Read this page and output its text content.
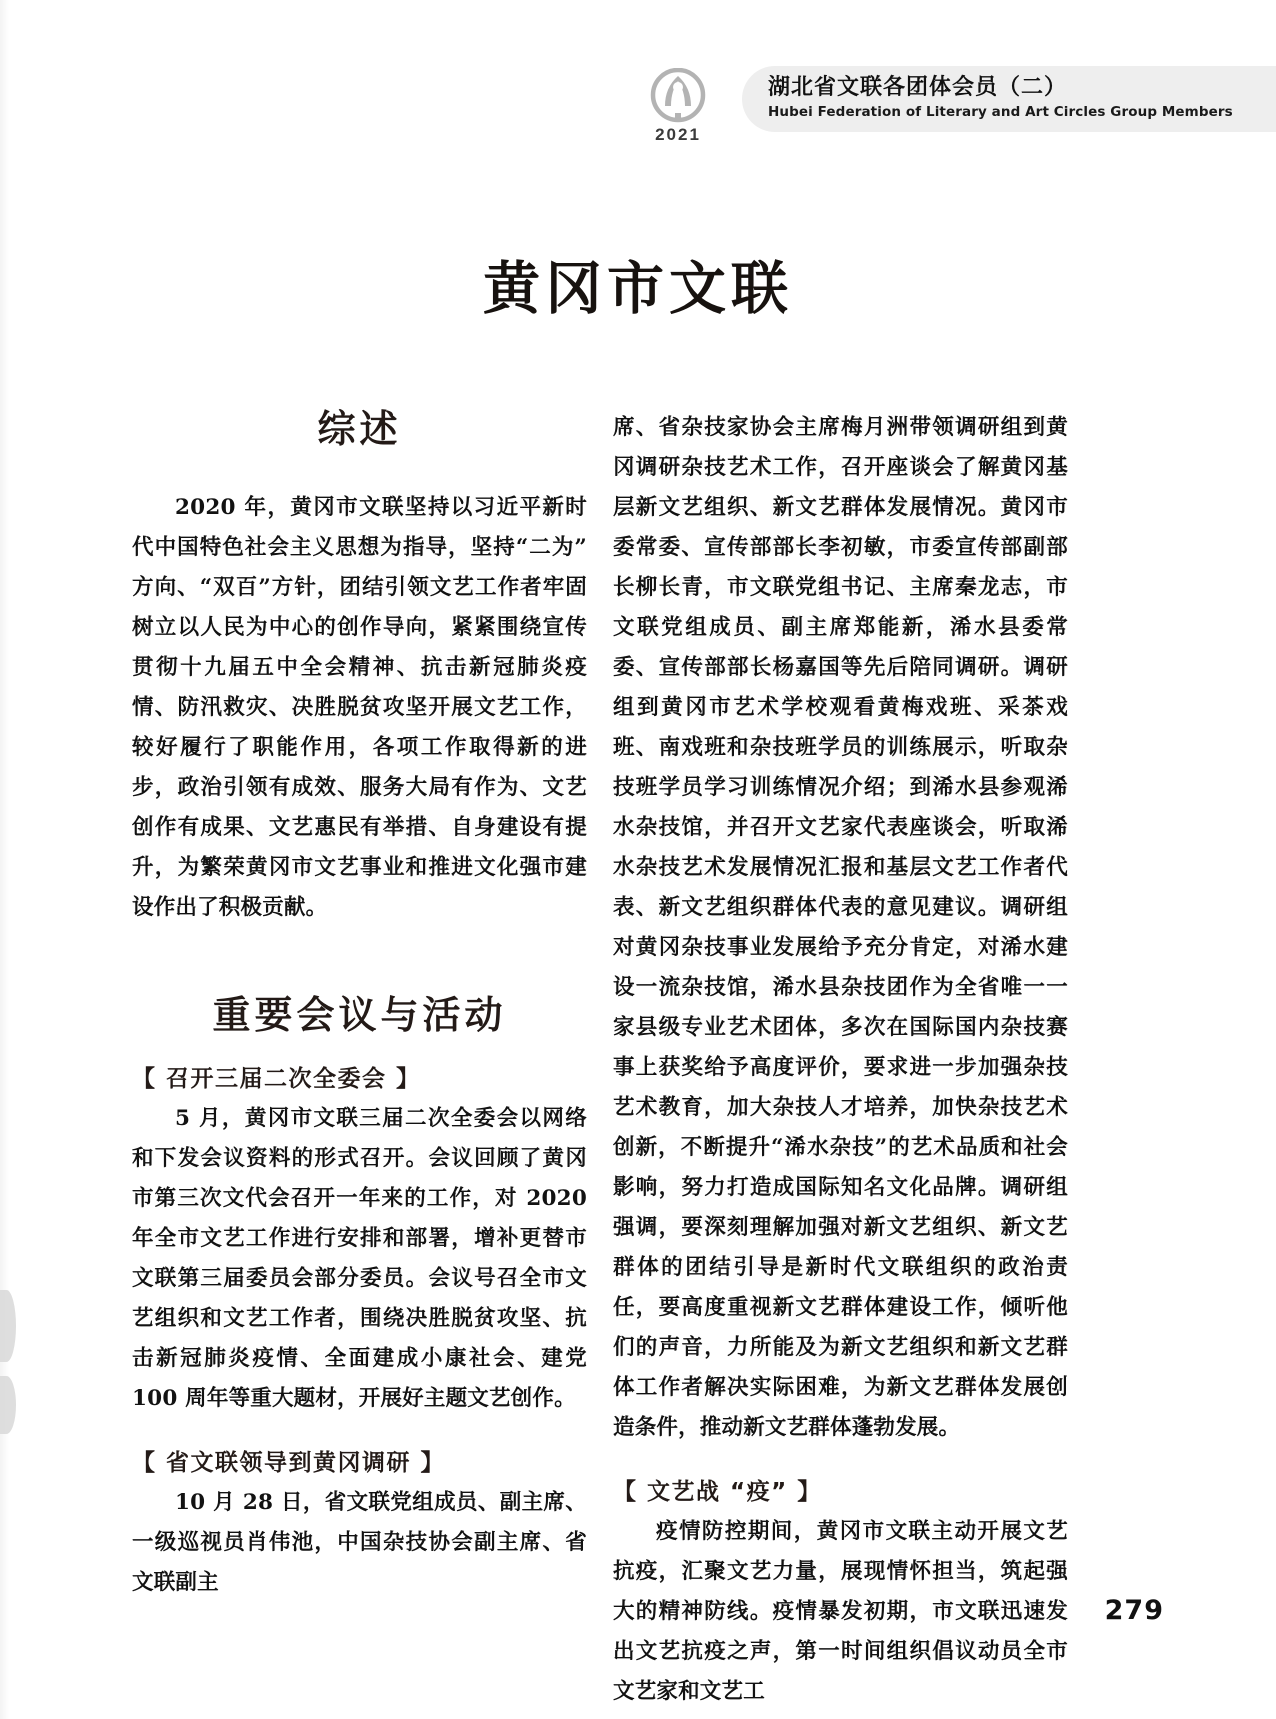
2021
湖北省文联各团体会员（二）
Hubei Federation of Literary and Art Circles Group Members
黄冈市文联
综述

2020 年，黄冈市文联坚持以习近平新时代中国特色社会主义思想为指导，坚持“二为”方向、“双百”方针，团结引领文艺工作者牢固树立以人民为中心的创作导向，紧紧围绕宣传贯彻十九届五中全会精神、抗击新冠肺炎疫情、防汛救灾、决胜脱贫攻坚开展文艺工作，较好履行了职能作用，各项工作取得新的进步，政治引领有成效、服务大局有作为、文艺创作有成果、文艺惠民有举措、自身建设有提升，为繁荣黄冈市文艺事业和推进文化强市建设作出了积极贡献。

重要会议与活动
【 召开三届二次全委会 】

5 月，黄冈市文联三届二次全委会以网络和下发会议资料的形式召开。会议回顾了黄冈市第三次文代会召开一年来的工作，对 2020 年全市文艺工作进行安排和部署，增补更替市文联第三届委员会部分委员。会议号召全市文艺组织和文艺工作者，围绕决胜脱贫攻坚、抗击新冠肺炎疫情、全面建成小康社会、建党 100 周年等重大题材，开展好主题文艺创作。

【 省文联领导到黄冈调研 】

10 月 28 日，省文联党组成员、副主席、一级巡视员肖伟池，中国杂技协会副主席、省文联副主

席、省杂技家协会主席梅月洲带领调研组到黄冈调研杂技艺术工作，召开座谈会了解黄冈基层新文艺组织、新文艺群体发展情况。黄冈市委常委、宣传部部长李初敏，市委宣传部副部长柳长青，市文联党组书记、主席秦龙志，市文联党组成员、副主席郑能新，浠水县委常委、宣传部部长杨嘉国等先后陪同调研。调研组到黄冈市艺术学校观看黄梅戏班、采茶戏班、南戏班和杂技班学员的训练展示，听取杂技班学员学习训练情况介绍；到浠水县参观浠水杂技馆，并召开文艺家代表座谈会，听取浠水杂技艺术发展情况汇报和基层文艺工作者代表、新文艺组织群体代表的意见建议。调研组对黄冈杂技事业发展给予充分肯定，对浠水建设一流杂技馆，浠水县杂技团作为全省唯一一家县级专业艺术团体，多次在国际国内杂技赛事上获奖给予高度评价，要求进一步加强杂技艺术教育，加大杂技人才培养，加快杂技艺术创新，不断提升“浠水杂技”的艺术品质和社会影响，努力打造成国际知名文化品牌。调研组强调，要深刻理解加强对新文艺组织、新文艺群体的团结引导是新时代文联组织的政治责任，要高度重视新文艺群体建设工作，倾听他们的声音，力所能及为新文艺组织和新文艺群体工作者解决实际困难，为新文艺群体发展创造条件，推动新文艺群体蓬勃发展。

【 文艺战 “疫” 】

疫情防控期间，黄冈市文联主动开展文艺抗疫，汇聚文艺力量，展现情怀担当，筑起强大的精神防线。疫情暴发初期，市文联迅速发出文艺抗疫之声，第一时间组织倡议动员全市文艺家和文艺工

279
